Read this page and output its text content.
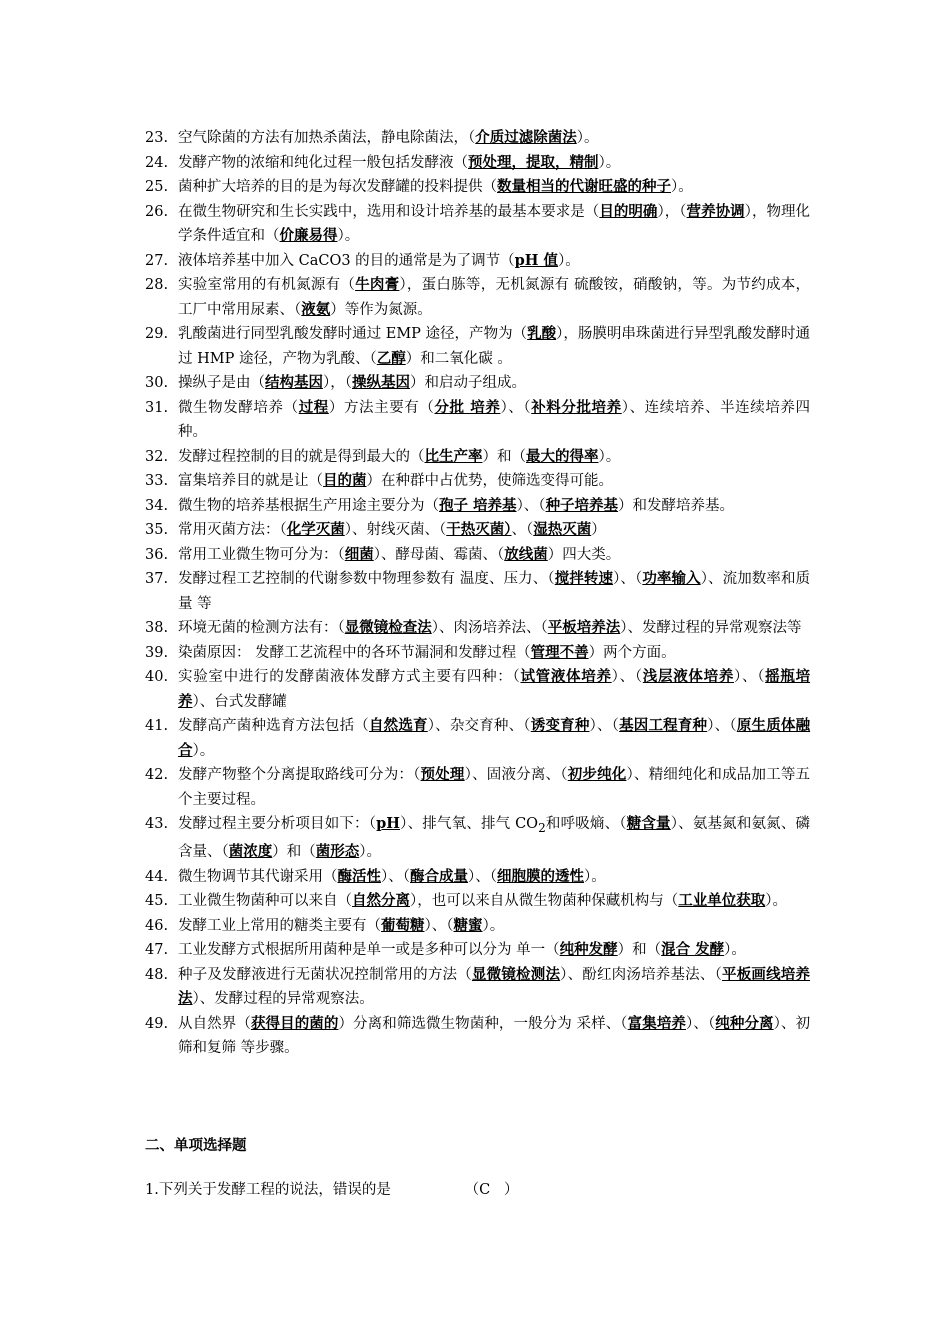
23. 空气除菌的方法有加热杀菌法，静电除菌法，（介质过滤除菌法）。
24. 发酵产物的浓缩和纯化过程一般包括发酵液（预处理，提取，精制）。
25. 菌种扩大培养的目的是为每次发酵罐的投料提供（数量相当的代谢旺盛的种子）。
26. 在微生物研究和生长实践中，选用和设计培养基的最基本要求是（目的明确），（营养协调），物理化学条件适宜和（价廉易得）。
27. 液体培养基中加入 CaCO3 的目的通常是为了调节（pH 值）。
28. 实验室常用的有机氮源有（牛肉膏），蛋白胨等，无机氮源有 硫酸铵，硝酸钠，等。为节约成本，工厂中常用尿素、（液氨）等作为氮源。
29. 乳酸菌进行同型乳酸发酵时通过 EMP 途径，产物为（乳酸），肠膜明串珠菌进行异型乳酸发酵时通过 HMP 途径，产物为乳酸、（乙醇）和二氧化碳 。
30. 操纵子是由（结构基因），（操纵基因）和启动子组成。
31. 微生物发酵培养（过程）方法主要有（分批 培养）、（补料分批培养）、连续培养、半连续培养四种。
32. 发酵过程控制的目的就是得到最大的（比生产率）和（最大的得率）。
33. 富集培养目的就是让（目的菌）在种群中占优势，使筛选变得可能。
34. 微生物的培养基根据生产用途主要分为（孢子 培养基）、（种子培养基）和发酵培养基。
35. 常用灭菌方法：（化学灭菌）、射线灭菌、（干热灭菌）、（湿热灭菌）
36. 常用工业微生物可分为：（细菌）、酵母菌、霉菌、（放线菌）四大类。
37. 发酵过程工艺控制的代谢参数中物理参数有 温度、压力、（搅拌转速）、（功率输入）、流加数率和质量 等
38. 环境无菌的检测方法有：（显微镜检查法）、肉汤培养法、（平板培养法）、发酵过程的异常观察法等
39. 染菌原因： 发酵工艺流程中的各环节漏洞和发酵过程（管理不善）两个方面。
40. 实验室中进行的发酵菌液体发酵方式主要有四种：（试管液体培养）、（浅层液体培养）、（摇瓶培养）、台式发酵罐
41. 发酵高产菌种选育方法包括（自然选育）、杂交育种、（诱变育种）、（基因工程育种）、（原生质体融合）。
42. 发酵产物整个分离提取路线可分为：（预处理）、固液分离、（初步纯化）、精细纯化和成品加工等五个主要过程。
43. 发酵过程主要分析项目如下：（pH）、排气氧、排气 $CO_2$和呼吸熵、（糖含量）、氨基氮和氨氮、磷含量、（菌浓度）和（菌形态）。
44. 微生物调节其代谢采用（酶活性）、（酶合成量）、（细胞膜的透性）。
45. 工业微生物菌种可以来自（自然分离），也可以来自从微生物菌种保藏机构与（工业单位获取）。
46. 发酵工业上常用的糖类主要有（葡萄糖）、（糖蜜）。
47. 工业发酵方式根据所用菌种是单一或是多种可以分为 单一（纯种发酵）和（混合 发酵）。
48. 种子及发酵液进行无菌状况控制常用的方法（显微镜检测法）、酚红肉汤培养基法、（平板画线培养法）、发酵过程的异常观察法。
49. 从自然界（获得目的菌的）分离和筛选微生物菌种，一般分为 采样、（富集培养）、（纯种分离）、初筛和复筛 等步骤。
二、单项选择题
1.下列关于发酵工程的说法，错误的是                （C   ）
